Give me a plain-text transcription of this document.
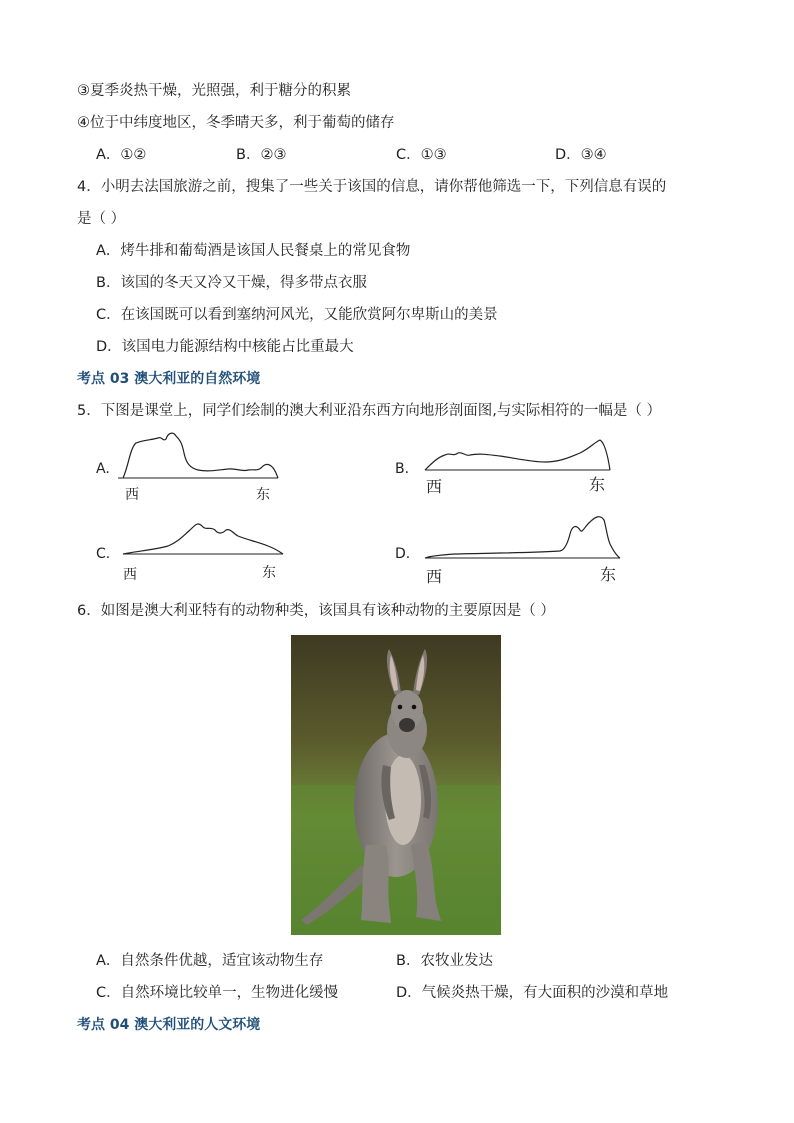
③夏季炎热干燥，光照强，利于糖分的积累
④位于中纬度地区，冬季晴天多，利于葡萄的储存
A．①②	B．②③	C．①③	D．③④
4．小明去法国旅游之前，搜集了一些关于该国的信息，请你帮他筛选一下，下列信息有误的
是（ ）
A．烤牛排和葡萄酒是该国人民餐桌上的常见食物
B．该国的冬天又冷又干燥，得多带点衣服
C．在该国既可以看到塞纳河风光，又能欣赏阿尔卑斯山的美景
D．该国电力能源结构中核能占比重最大
考点 03 澳大利亚的自然环境
5．下图是课堂上，同学们绘制的澳大利亚沿东西方向地形剖面图,与实际相符的一幅是（ ）
A.
西	东
B.
西	东
C.
西	东
D.
西	东
6．如图是澳大利亚特有的动物种类，该国具有该种动物的主要原因是（ ）
A．自然条件优越，适宜该动物生存	B．农牧业发达
C．自然环境比较单一，生物进化缓慢	D．气候炎热干燥，有大面积的沙漠和草地
考点 04 澳大利亚的人文环境
